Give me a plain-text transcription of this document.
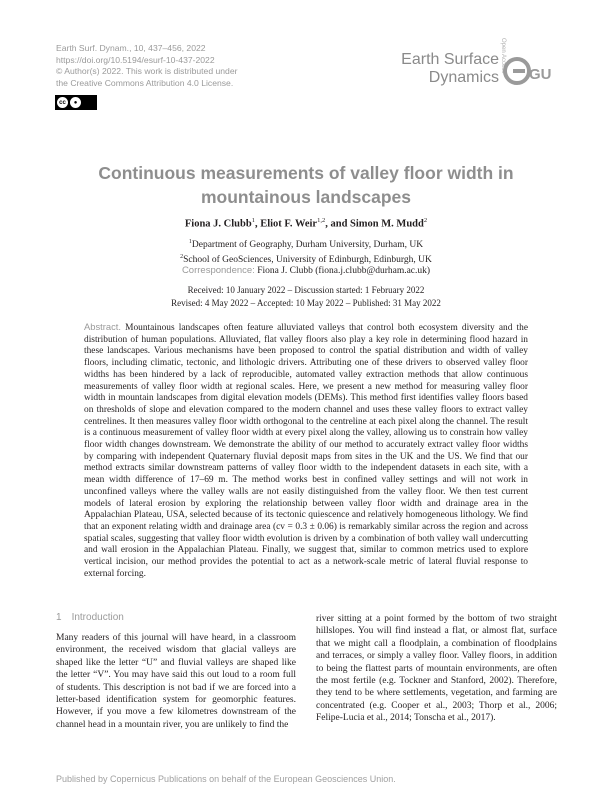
Earth Surf. Dynam., 10, 437–456, 2022
https://doi.org/10.5194/esurf-10-437-2022
© Author(s) 2022. This work is distributed under
the Creative Commons Attribution 4.0 License.
cc	●
Earth Surface
Dynamics
Open Access
GU
Continuous measurements of valley floor width in mountainous landscapes
Fiona J. Clubb$^1$, Eliot F. Weir$^{1,2}$, and Simon M. Mudd$^2$
$^1$Department of Geography, Durham University, Durham, UK
$^2$School of GeoSciences, University of Edinburgh, Edinburgh, UK
Correspondence: Fiona J. Clubb (fiona.j.clubb@durham.ac.uk)
Received: 10 January 2022 – Discussion started: 1 February 2022
Revised: 4 May 2022 – Accepted: 10 May 2022 – Published: 31 May 2022
Abstract. Mountainous landscapes often feature alluviated valleys that control both ecosystem diversity and the distribution of human populations. Alluviated, flat valley floors also play a key role in determining flood hazard in these landscapes. Various mechanisms have been proposed to control the spatial distribution and width of valley floors, including climatic, tectonic, and lithologic drivers. Attributing one of these drivers to observed valley floor widths has been hindered by a lack of reproducible, automated valley extraction methods that allow continuous measurements of valley floor width at regional scales. Here, we present a new method for measuring valley floor width in mountain landscapes from digital elevation models (DEMs). This method first identifies valley floors based on thresholds of slope and elevation compared to the modern channel and uses these valley floors to extract valley centrelines. It then measures valley floor width orthogonal to the centreline at each pixel along the channel. The result is a continuous measurement of valley floor width at every pixel along the valley, allowing us to constrain how valley floor width changes downstream. We demonstrate the ability of our method to accurately extract valley floor widths by comparing with independent Quaternary fluvial deposit maps from sites in the UK and the US. We find that our method extracts similar downstream patterns of valley floor width to the independent datasets in each site, with a mean width difference of 17–69 m. The method works best in confined valley settings and will not work in unconfined valleys where the valley walls are not easily distinguished from the valley floor. We then test current models of lateral erosion by exploring the relationship between valley floor width and drainage area in the Appalachian Plateau, USA, selected because of its tectonic quiescence and relatively homogeneous lithology. We find that an exponent relating width and drainage area (cv = 0.3 ± 0.06) is remarkably similar across the region and across spatial scales, suggesting that valley floor width evolution is driven by a combination of both valley wall undercutting and wall erosion in the Appalachian Plateau. Finally, we suggest that, similar to common metrics used to explore vertical incision, our method provides the potential to act as a network-scale metric of lateral fluvial response to external forcing.
1 Introduction
Many readers of this journal will have heard, in a classroom environment, the received wisdom that glacial valleys are shaped like the letter “U” and fluvial valleys are shaped like the letter “V”. You may have said this out loud to a room full of students. This description is not bad if we are forced into a letter-based identification system for geomorphic features. However, if you move a few kilometres downstream of the channel head in a mountain river, you are unlikely to find the
river sitting at a point formed by the bottom of two straight hillslopes. You will find instead a flat, or almost flat, surface that we might call a floodplain, a combination of floodplains and terraces, or simply a valley floor. Valley floors, in addition to being the flattest parts of mountain environments, are often the most fertile (e.g. Tockner and Stanford, 2002). Therefore, they tend to be where settlements, vegetation, and farming are concentrated (e.g. Cooper et al., 2003; Thorp et al., 2006; Felipe-Lucia et al., 2014; Tonscha et al., 2017).
Published by Copernicus Publications on behalf of the European Geosciences Union.
